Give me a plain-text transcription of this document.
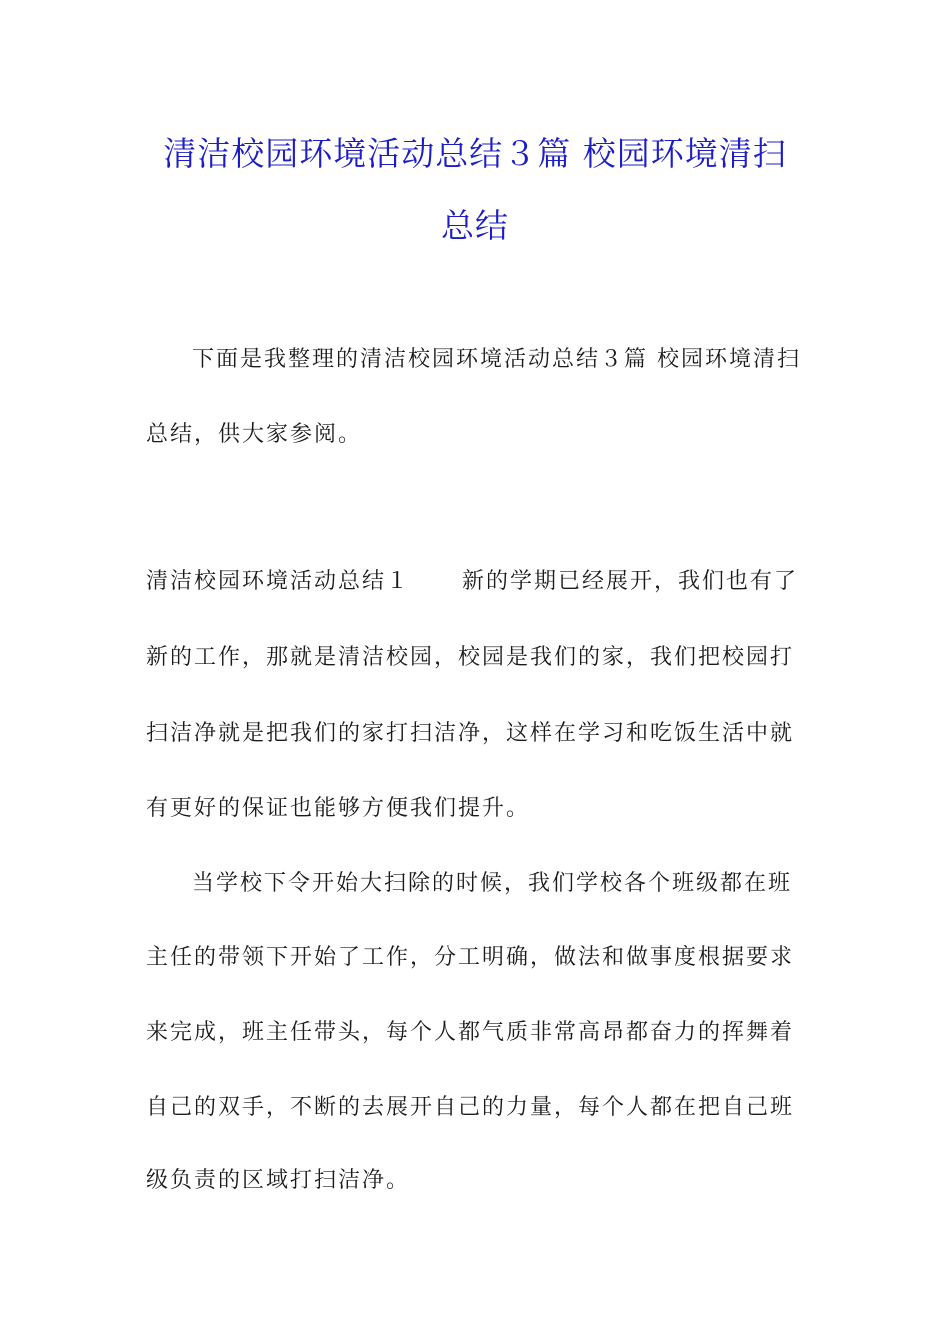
清洁校园环境活动总结３篇 校园环境清扫
总结
下面是我整理的清洁校园环境活动总结３篇 校园环境清扫
总结，供大家参阅。
清洁校园环境活动总结１ 新的学期已经展开，我们也有了
新的工作，那就是清洁校园，校园是我们的家，我们把校园打
扫洁净就是把我们的家打扫洁净，这样在学习和吃饭生活中就
有更好的保证也能够方便我们提升。
当学校下令开始大扫除的时候，我们学校各个班级都在班
主任的带领下开始了工作，分工明确，做法和做事度根据要求
来完成，班主任带头，每个人都气质非常高昂都奋力的挥舞着
自己的双手，不断的去展开自己的力量，每个人都在把自己班
级负责的区域打扫洁净。
